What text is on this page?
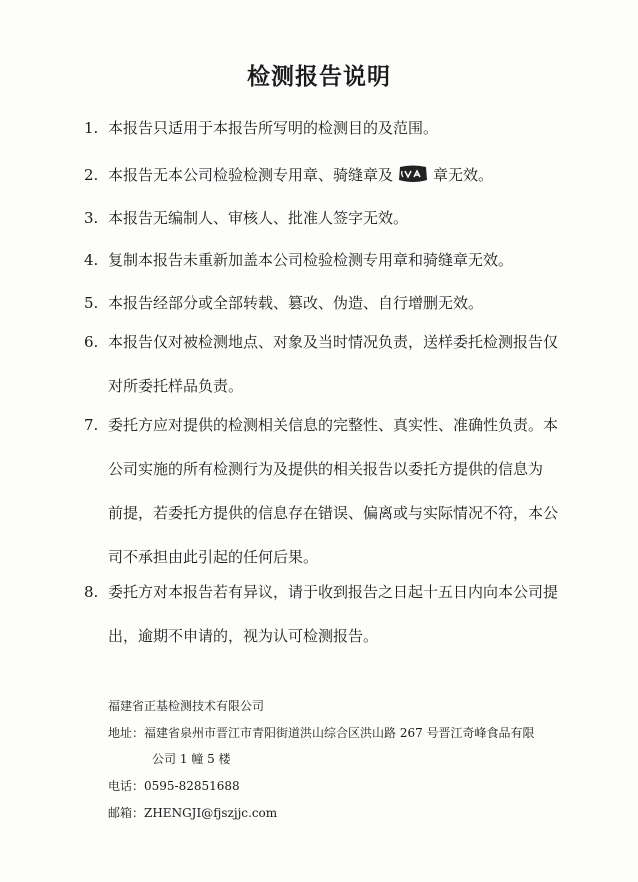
检测报告说明
1. 本报告只适用于本报告所写明的检测目的及范围。
2. 本报告无本公司检验检测专用章、骑缝章及	章无效。
3. 本报告无编制人、审核人、批准人签字无效。
4. 复制本报告未重新加盖本公司检验检测专用章和骑缝章无效。
5. 本报告经部分或全部转载、篡改、伪造、自行增删无效。
6. 本报告仅对被检测地点、对象及当时情况负责，送样委托检测报告仅
对所委托样品负责。
7. 委托方应对提供的检测相关信息的完整性、真实性、准确性负责。本
公司实施的所有检测行为及提供的相关报告以委托方提供的信息为
前提，若委托方提供的信息存在错误、偏离或与实际情况不符，本公
司不承担由此引起的任何后果。
8. 委托方对本报告若有异议，请于收到报告之日起十五日内向本公司提
出，逾期不申请的，视为认可检测报告。
福建省正基检测技术有限公司
地址：福建省泉州市晋江市青阳街道洪山综合区洪山路 267 号晋江奇峰食品有限
公司 1 幢 5 楼
电话：0595-82851688
邮箱：ZHENGJI@fjszjjc.com
